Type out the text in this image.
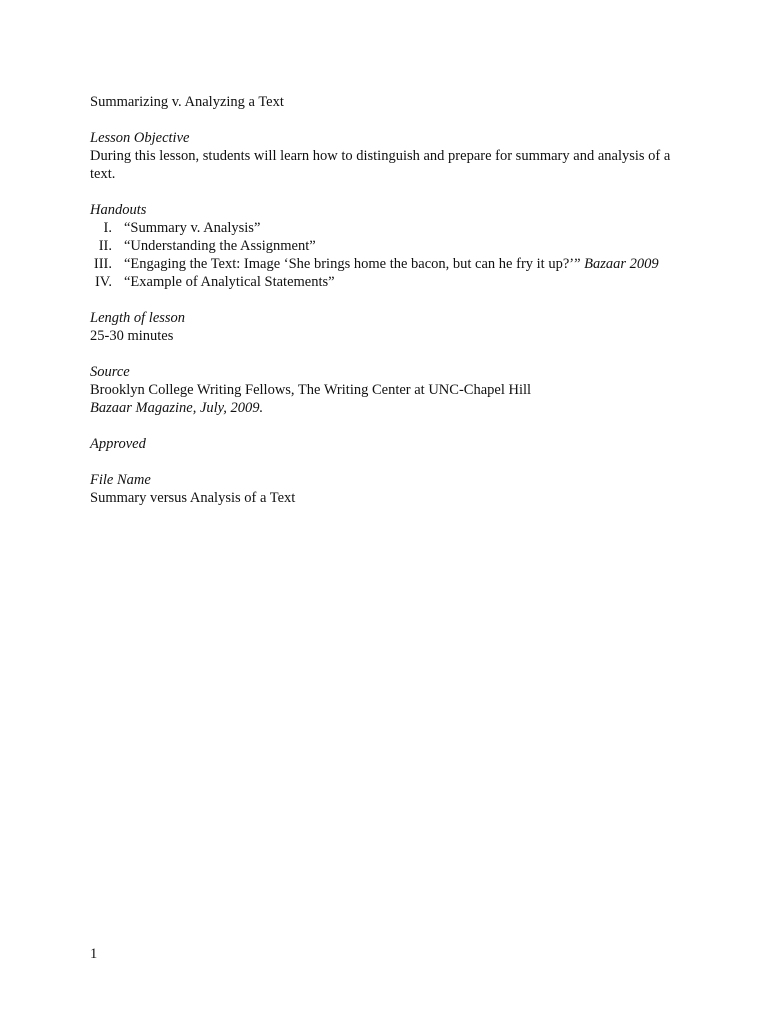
Summarizing v. Analyzing a Text

Lesson Objective

During this lesson, students will learn how to distinguish and prepare for summary and analysis of a text.

Handouts

I. “Summary v. Analysis”
II. “Understanding the Assignment”
III. “Engaging the Text: Image ‘She brings home the bacon, but can he fry it up?’” Bazaar 2009
IV. “Example of Analytical Statements”

Length of lesson

25-30 minutes

Source

Brooklyn College Writing Fellows, The Writing Center at UNC-Chapel Hill

Bazaar Magazine, July, 2009.

Approved

File Name

Summary versus Analysis of a Text

1
